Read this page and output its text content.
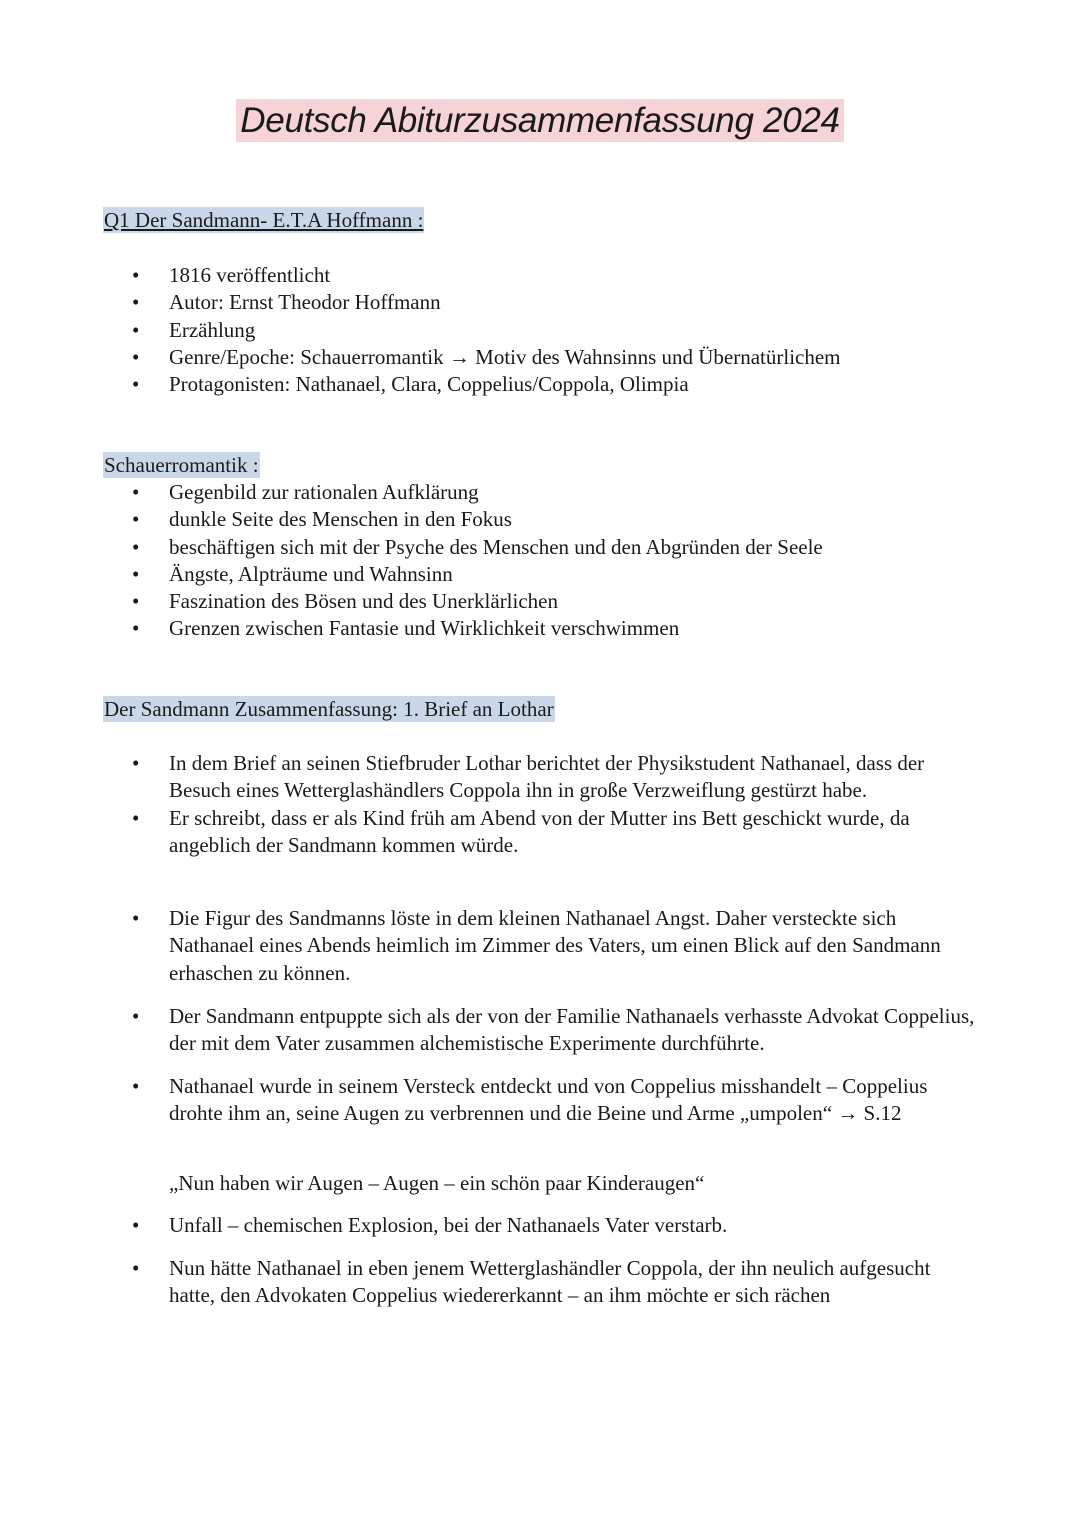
Deutsch Abiturzusammenfassung 2024
Q1 Der Sandmann- E.T.A Hoffmann :
• 1816 veröffentlicht
• Autor: Ernst Theodor Hoffmann
• Erzählung
• Genre/Epoche: Schauerromantik → Motiv des Wahnsinns und Übernatürlichem
• Protagonisten: Nathanael, Clara, Coppelius/Coppola, Olimpia
Schauerromantik :
• Gegenbild zur rationalen Aufklärung
• dunkle Seite des Menschen in den Fokus
• beschäftigen sich mit der Psyche des Menschen und den Abgründen der Seele
• Ängste, Alpträume und Wahnsinn
• Faszination des Bösen und des Unerklärlichen
• Grenzen zwischen Fantasie und Wirklichkeit verschwimmen
Der Sandmann Zusammenfassung: 1. Brief an Lothar
• In dem Brief an seinen Stiefbruder Lothar berichtet der Physikstudent Nathanael, dass der Besuch eines Wetterglashändlers Coppola ihn in große Verzweiflung gestürzt habe.
• Er schreibt, dass er als Kind früh am Abend von der Mutter ins Bett geschickt wurde, da angeblich der Sandmann kommen würde.
• Die Figur des Sandmanns löste in dem kleinen Nathanael Angst. Daher versteckte sich Nathanael eines Abends heimlich im Zimmer des Vaters, um einen Blick auf den Sandmann erhaschen zu können.
• Der Sandmann entpuppte sich als der von der Familie Nathanaels verhasste Advokat Coppelius, der mit dem Vater zusammen alchemistische Experimente durchführte.
• Nathanael wurde in seinem Versteck entdeckt und von Coppelius misshandelt – Coppelius drohte ihm an, seine Augen zu verbrennen und die Beine und Arme „umpolen“ → S.12
„Nun haben wir Augen – Augen – ein schön paar Kinderaugen“
• Unfall – chemischen Explosion, bei der Nathanaels Vater verstarb.
• Nun hätte Nathanael in eben jenem Wetterglashändler Coppola, der ihn neulich aufgesucht hatte, den Advokaten Coppelius wiedererkannt – an ihm möchte er sich rächen
